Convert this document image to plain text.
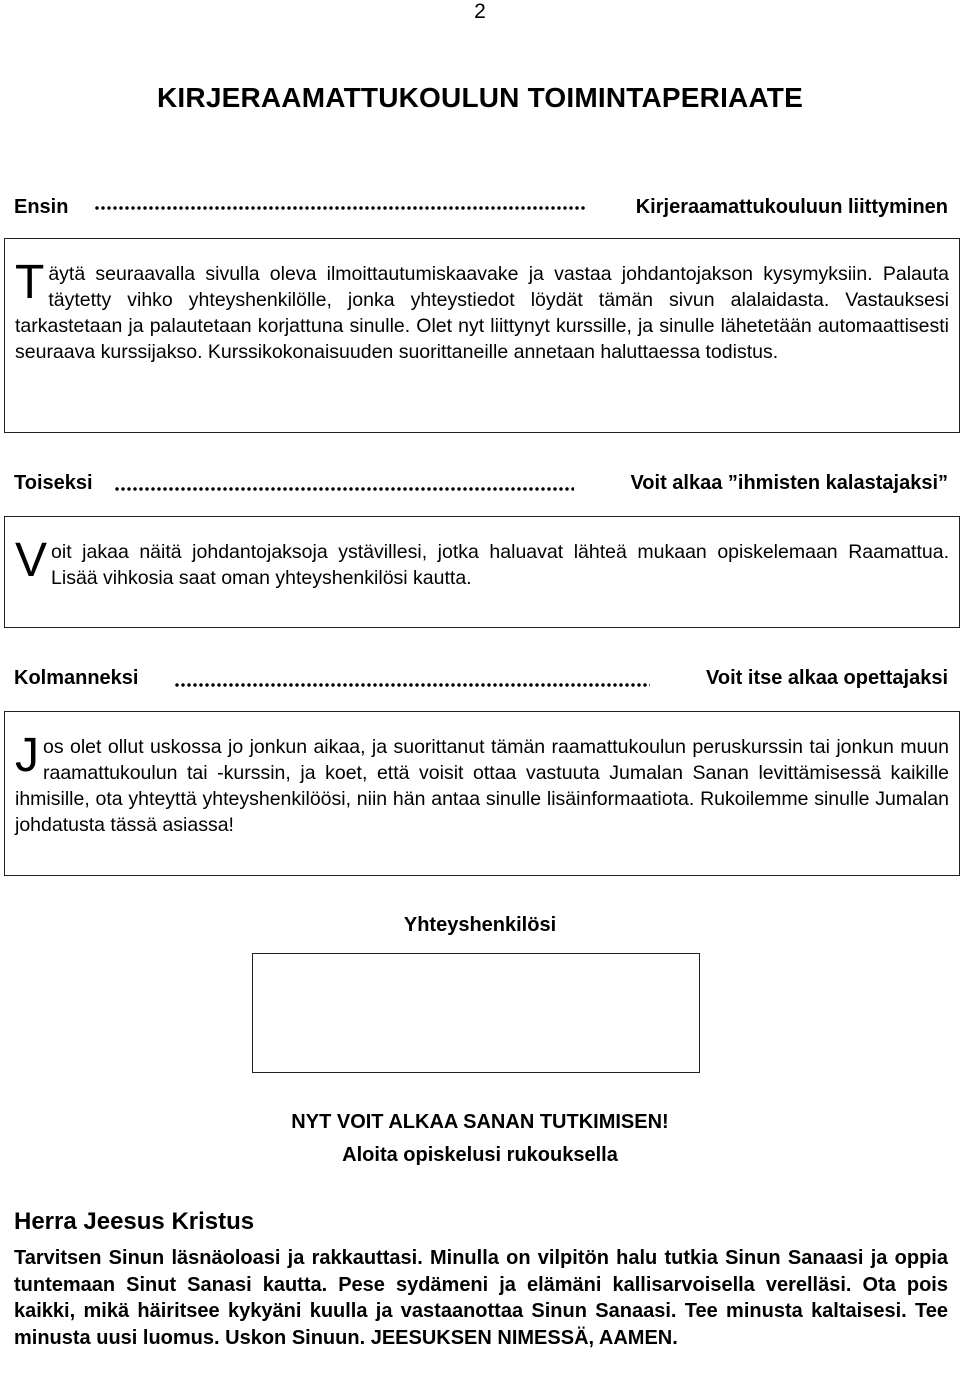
2
KIRJERAAMATTUKOULUN TOIMINTAPERIAATE
Ensin	Kirjeraamattukouluun liittyminen

Täytä seuraavalla sivulla oleva ilmoittautumiskaavake ja vastaa johdantojakson kysymyksiin. Palauta täytetty vihko yhteyshenkilölle, jonka yhteystiedot löydät tämän sivun alalaidasta. Vastauksesi tarkastetaan ja palautetaan korjattuna sinulle. Olet nyt liittynyt kurssille, ja sinulle lähetetään automaattisesti seuraava kurssijakso. Kurssikokonaisuuden suorittaneille annetaan haluttaessa todistus.

Toiseksi	Voit alkaa ”ihmisten kalastajaksi”

Voit jakaa näitä johdantojaksoja ystävillesi, jotka haluavat lähteä mukaan opiskelemaan Raamattua. Lisää vihkosia saat oman yhteyshenkilösi kautta.

Kolmanneksi	Voit itse alkaa opettajaksi

Jos olet ollut uskossa jo jonkun aikaa, ja suorittanut tämän raamattukoulun peruskurssin tai jonkun muun raamattukoulun tai -kurssin, ja koet, että voisit ottaa vastuuta Jumalan Sanan levittämisessä kaikille ihmisille, ota yhteyttä yhteyshenkilöösi, niin hän antaa sinulle lisäinformaatiota. Rukoilemme sinulle Jumalan johdatusta tässä asiassa!

Yhteyshenkilösi
NYT VOIT ALKAA SANAN TUTKIMISEN!
Aloita opiskelusi rukouksella
Herra Jeesus Kristus

Tarvitsen Sinun läsnäoloasi ja rakkauttasi. Minulla on vilpitön halu tutkia Sinun Sanaasi ja oppia tuntemaan Sinut Sanasi kautta. Pese sydämeni ja elämäni kallisarvoisella verelläsi. Ota pois kaikki, mikä häiritsee kykyäni kuulla ja vastaanottaa Sinun Sanaasi. Tee minusta kaltaisesi. Tee minusta uusi luomus. Uskon Sinuun. JEESUKSEN NIMESSÄ, AAMEN.
